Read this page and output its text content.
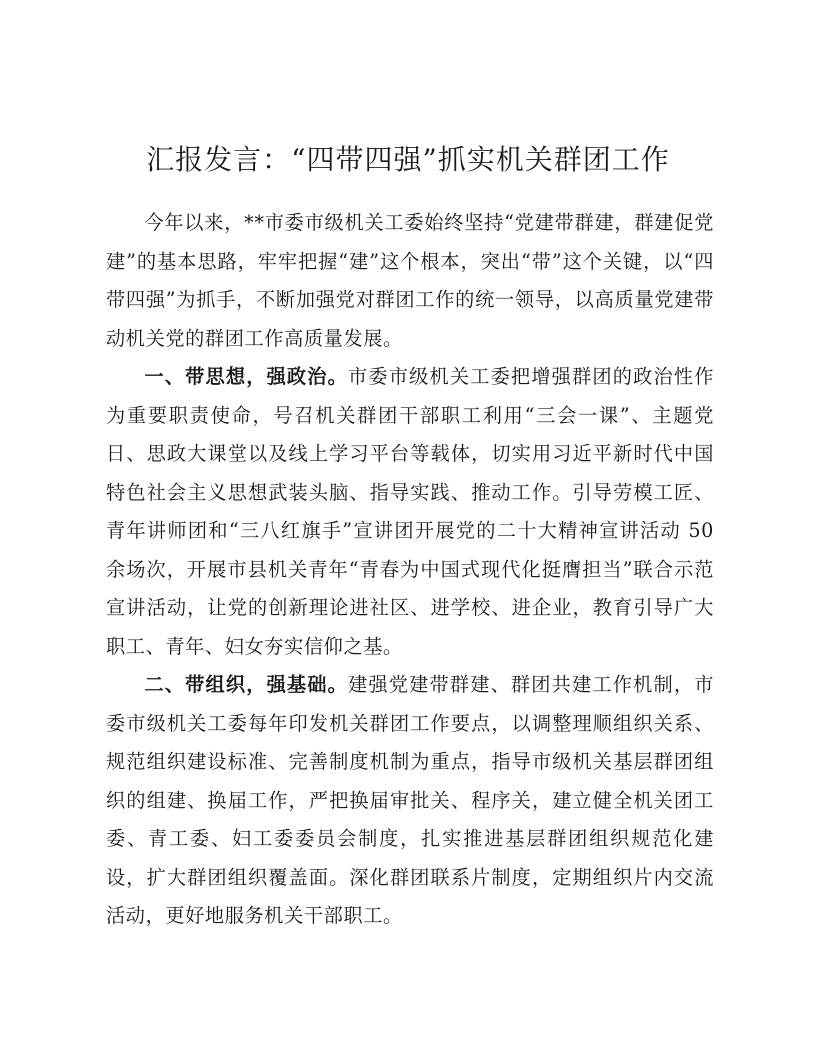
汇报发言：“四带四强”抓实机关群团工作

今年以来，**市委市级机关工委始终坚持“党建带群建，群建促党建”的基本思路，牢牢把握“建”这个根本，突出“带”这个关键，以“四带四强”为抓手，不断加强党对群团工作的统一领导，以高质量党建带动机关党的群团工作高质量发展。

一、带思想，强政治。市委市级机关工委把增强群团的政治性作为重要职责使命，号召机关群团干部职工利用“三会一课”、主题党日、思政大课堂以及线上学习平台等载体，切实用习近平新时代中国特色社会主义思想武装头脑、指导实践、推动工作。引导劳模工匠、青年讲师团和“三八红旗手”宣讲团开展党的二十大精神宣讲活动 50 余场次，开展市县机关青年“青春为中国式现代化挺膺担当”联合示范宣讲活动，让党的创新理论进社区、进学校、进企业，教育引导广大职工、青年、妇女夯实信仰之基。

二、带组织，强基础。建强党建带群建、群团共建工作机制，市委市级机关工委每年印发机关群团工作要点，以调整理顺组织关系、规范组织建设标准、完善制度机制为重点，指导市级机关基层群团组织的组建、换届工作，严把换届审批关、程序关，建立健全机关团工委、青工委、妇工委委员会制度，扎实推进基层群团组织规范化建设，扩大群团组织覆盖面。深化群团联系片制度，定期组织片内交流活动，更好地服务机关干部职工。
